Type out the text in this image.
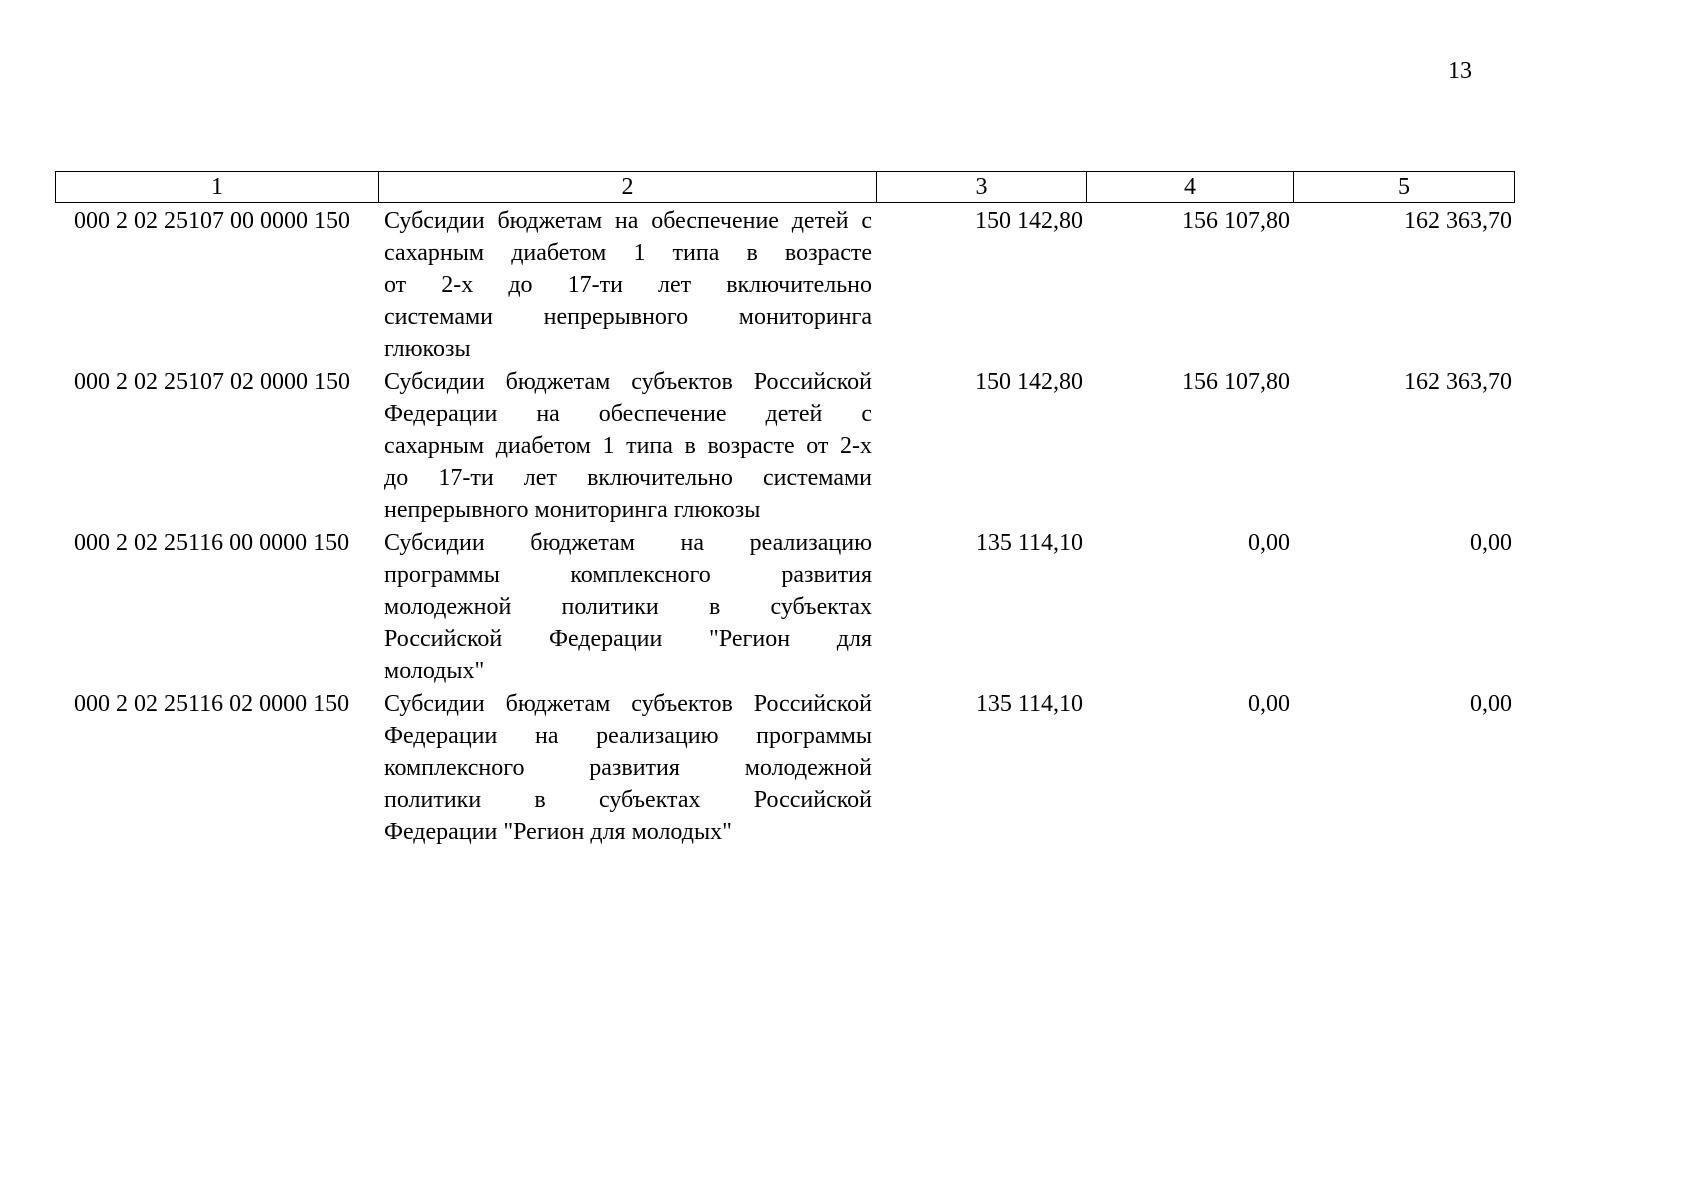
13
1	2	3	4	5
000 2 02 25107 00 0000 150	Субсидии бюджетам на обеспечение детей с
сахарным диабетом 1 типа в возрасте
от 2-х до 17-ти лет включительно
системами непрерывного мониторинга
глюкозы
150 142,80	156 107,80	162 363,70
000 2 02 25107 02 0000 150	Субсидии бюджетам субъектов Российской
Федерации на обеспечение детей с
сахарным диабетом 1 типа в возрасте от 2-х
до 17-ти лет включительно системами
непрерывного мониторинга глюкозы
150 142,80	156 107,80	162 363,70
000 2 02 25116 00 0000 150	Субсидии бюджетам на реализацию
программы комплексного развития
молодежной политики в субъектах
Российской Федерации "Регион для
молодых"
135 114,10	0,00	0,00
000 2 02 25116 02 0000 150	Субсидии бюджетам субъектов Российской
Федерации на реализацию программы
комплексного развития молодежной
политики в субъектах Российской
Федерации "Регион для молодых"
135 114,10	0,00	0,00
